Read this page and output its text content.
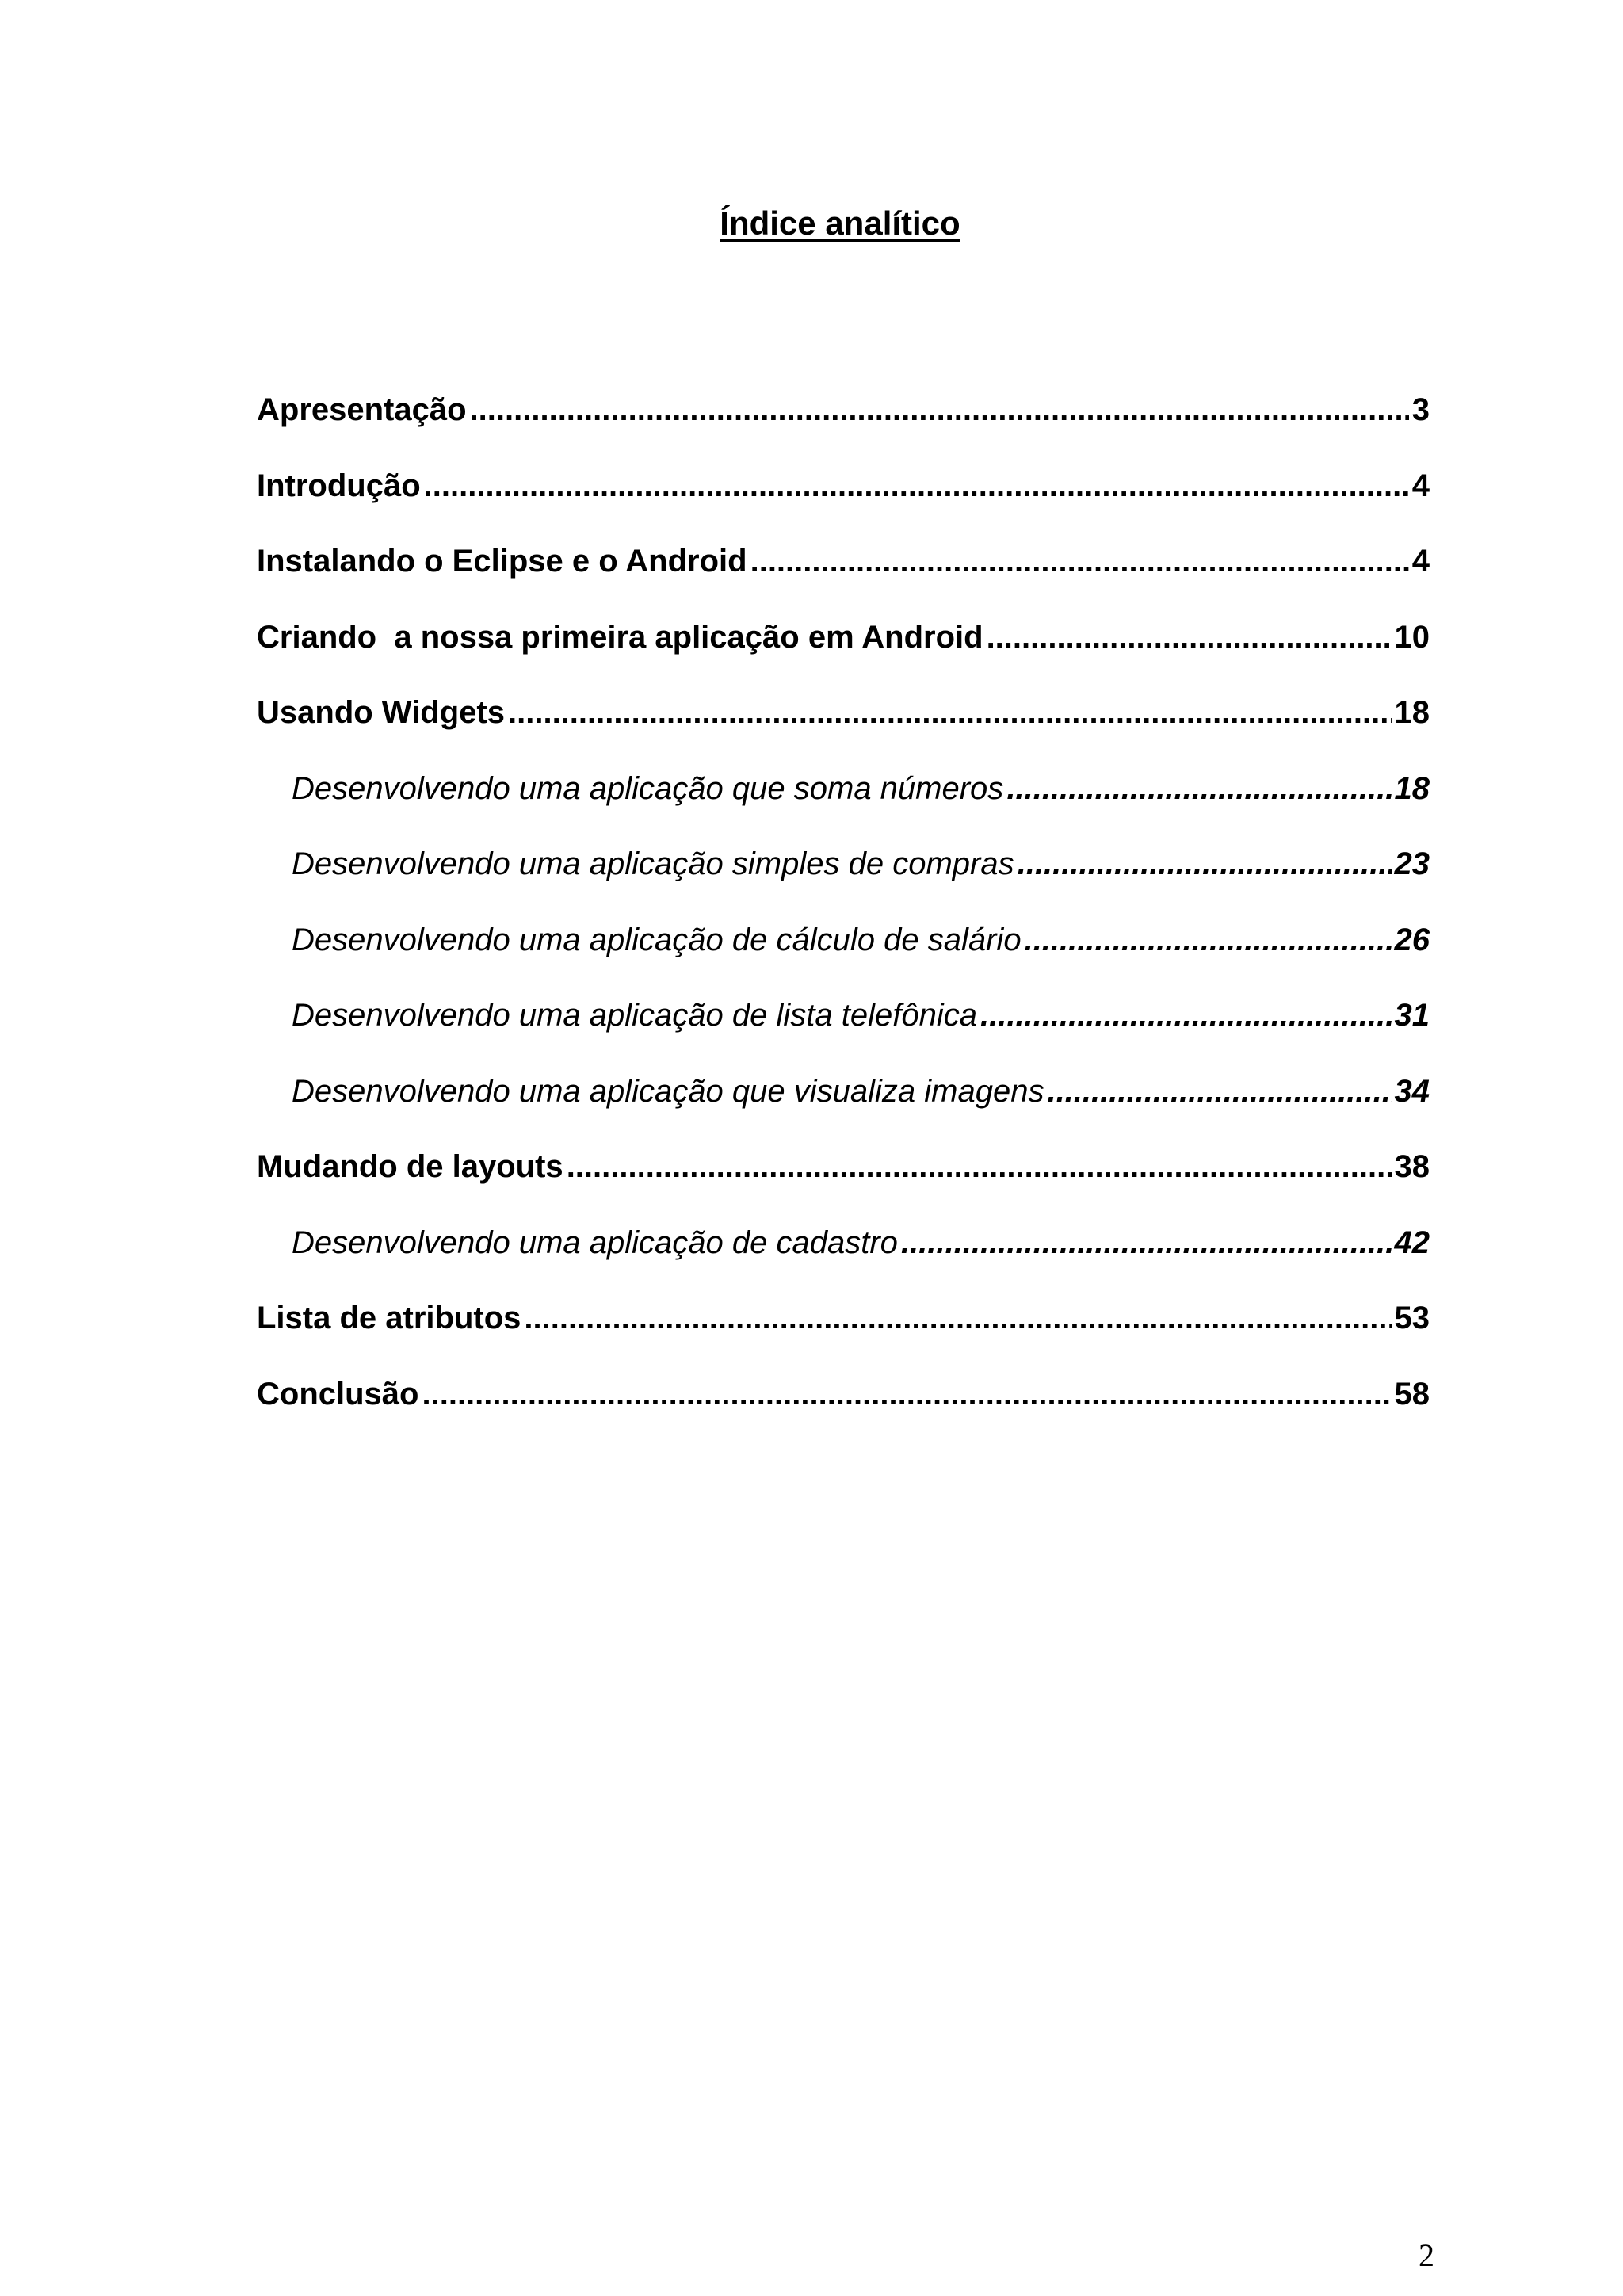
Índice analítico
Apresentação .....	3
Introdução .....	4
Instalando o Eclipse e o Android .....	4
Criando  a nossa primeira aplicação em Android .....	10
Usando Widgets .....	18
Desenvolvendo uma aplicação que soma números .....	18
Desenvolvendo uma aplicação simples de compras .....	23
Desenvolvendo uma aplicação de cálculo de salário .....	26
Desenvolvendo uma aplicação de lista telefônica .....	31
Desenvolvendo uma aplicação que visualiza imagens .....	34
Mudando de layouts .....	38
Desenvolvendo uma aplicação de cadastro .....	42
Lista de atributos .....	53
Conclusão .....	58
2
